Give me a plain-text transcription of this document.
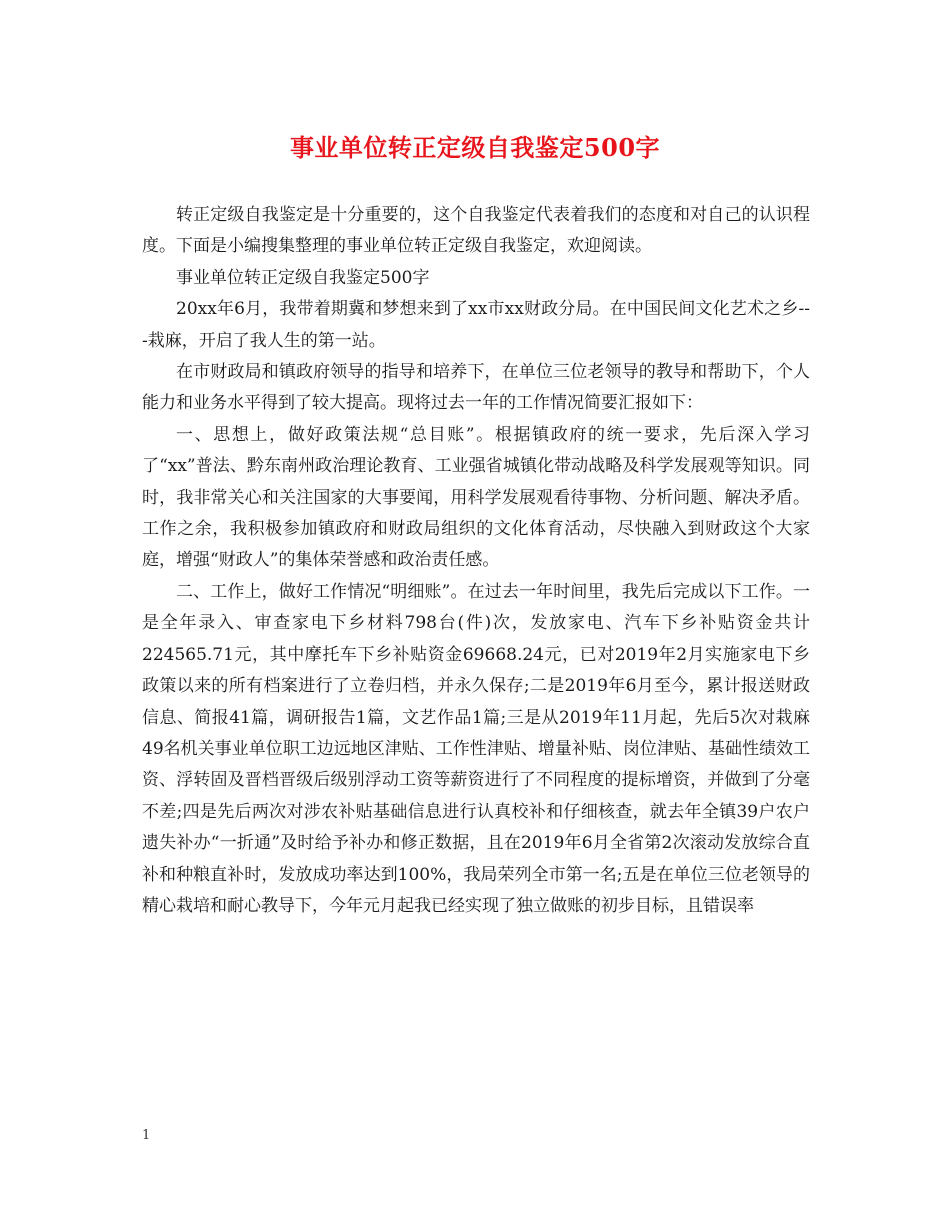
事业单位转正定级自我鉴定500字

转正定级自我鉴定是十分重要的，这个自我鉴定代表着我们的态度和对自己的认识程度。下面是小编搜集整理的事业单位转正定级自我鉴定，欢迎阅读。

事业单位转正定级自我鉴定500字

20xx年6月，我带着期冀和梦想来到了xx市xx财政分局。在中国民间文化艺术之乡---栽麻，开启了我人生的第一站。

在市财政局和镇政府领导的指导和培养下，在单位三位老领导的教导和帮助下，个人能力和业务水平得到了较大提高。现将过去一年的工作情况简要汇报如下：

一、思想上，做好政策法规“总目账”。根据镇政府的统一要求，先后深入学习了“xx”普法、黔东南州政治理论教育、工业强省城镇化带动战略及科学发展观等知识。同时，我非常关心和关注国家的大事要闻，用科学发展观看待事物、分析问题、解决矛盾。工作之余，我积极参加镇政府和财政局组织的文化体育活动，尽快融入到财政这个大家庭，增强“财政人”的集体荣誉感和政治责任感。

二、工作上，做好工作情况“明细账”。在过去一年时间里，我先后完成以下工作。一是全年录入、审查家电下乡材料798台(件)次，发放家电、汽车下乡补贴资金共计224565.71元，其中摩托车下乡补贴资金69668.24元，已对2019年2月实施家电下乡政策以来的所有档案进行了立卷归档，并永久保存;二是2019年6月至今，累计报送财政信息、简报41篇，调研报告1篇，文艺作品1篇;三是从2019年11月起，先后5次对栽麻49名机关事业单位职工边远地区津贴、工作性津贴、增量补贴、岗位津贴、基础性绩效工资、浮转固及晋档晋级后级别浮动工资等薪资进行了不同程度的提标增资，并做到了分毫不差;四是先后两次对涉农补贴基础信息进行认真校补和仔细核查，就去年全镇39户农户遗失补办“一折通”及时给予补办和修正数据，且在2019年6月全省第2次滚动发放综合直补和种粮直补时，发放成功率达到100%，我局荣列全市第一名;五是在单位三位老领导的精心栽培和耐心教导下，今年元月起我已经实现了独立做账的初步目标，且错误率

1
